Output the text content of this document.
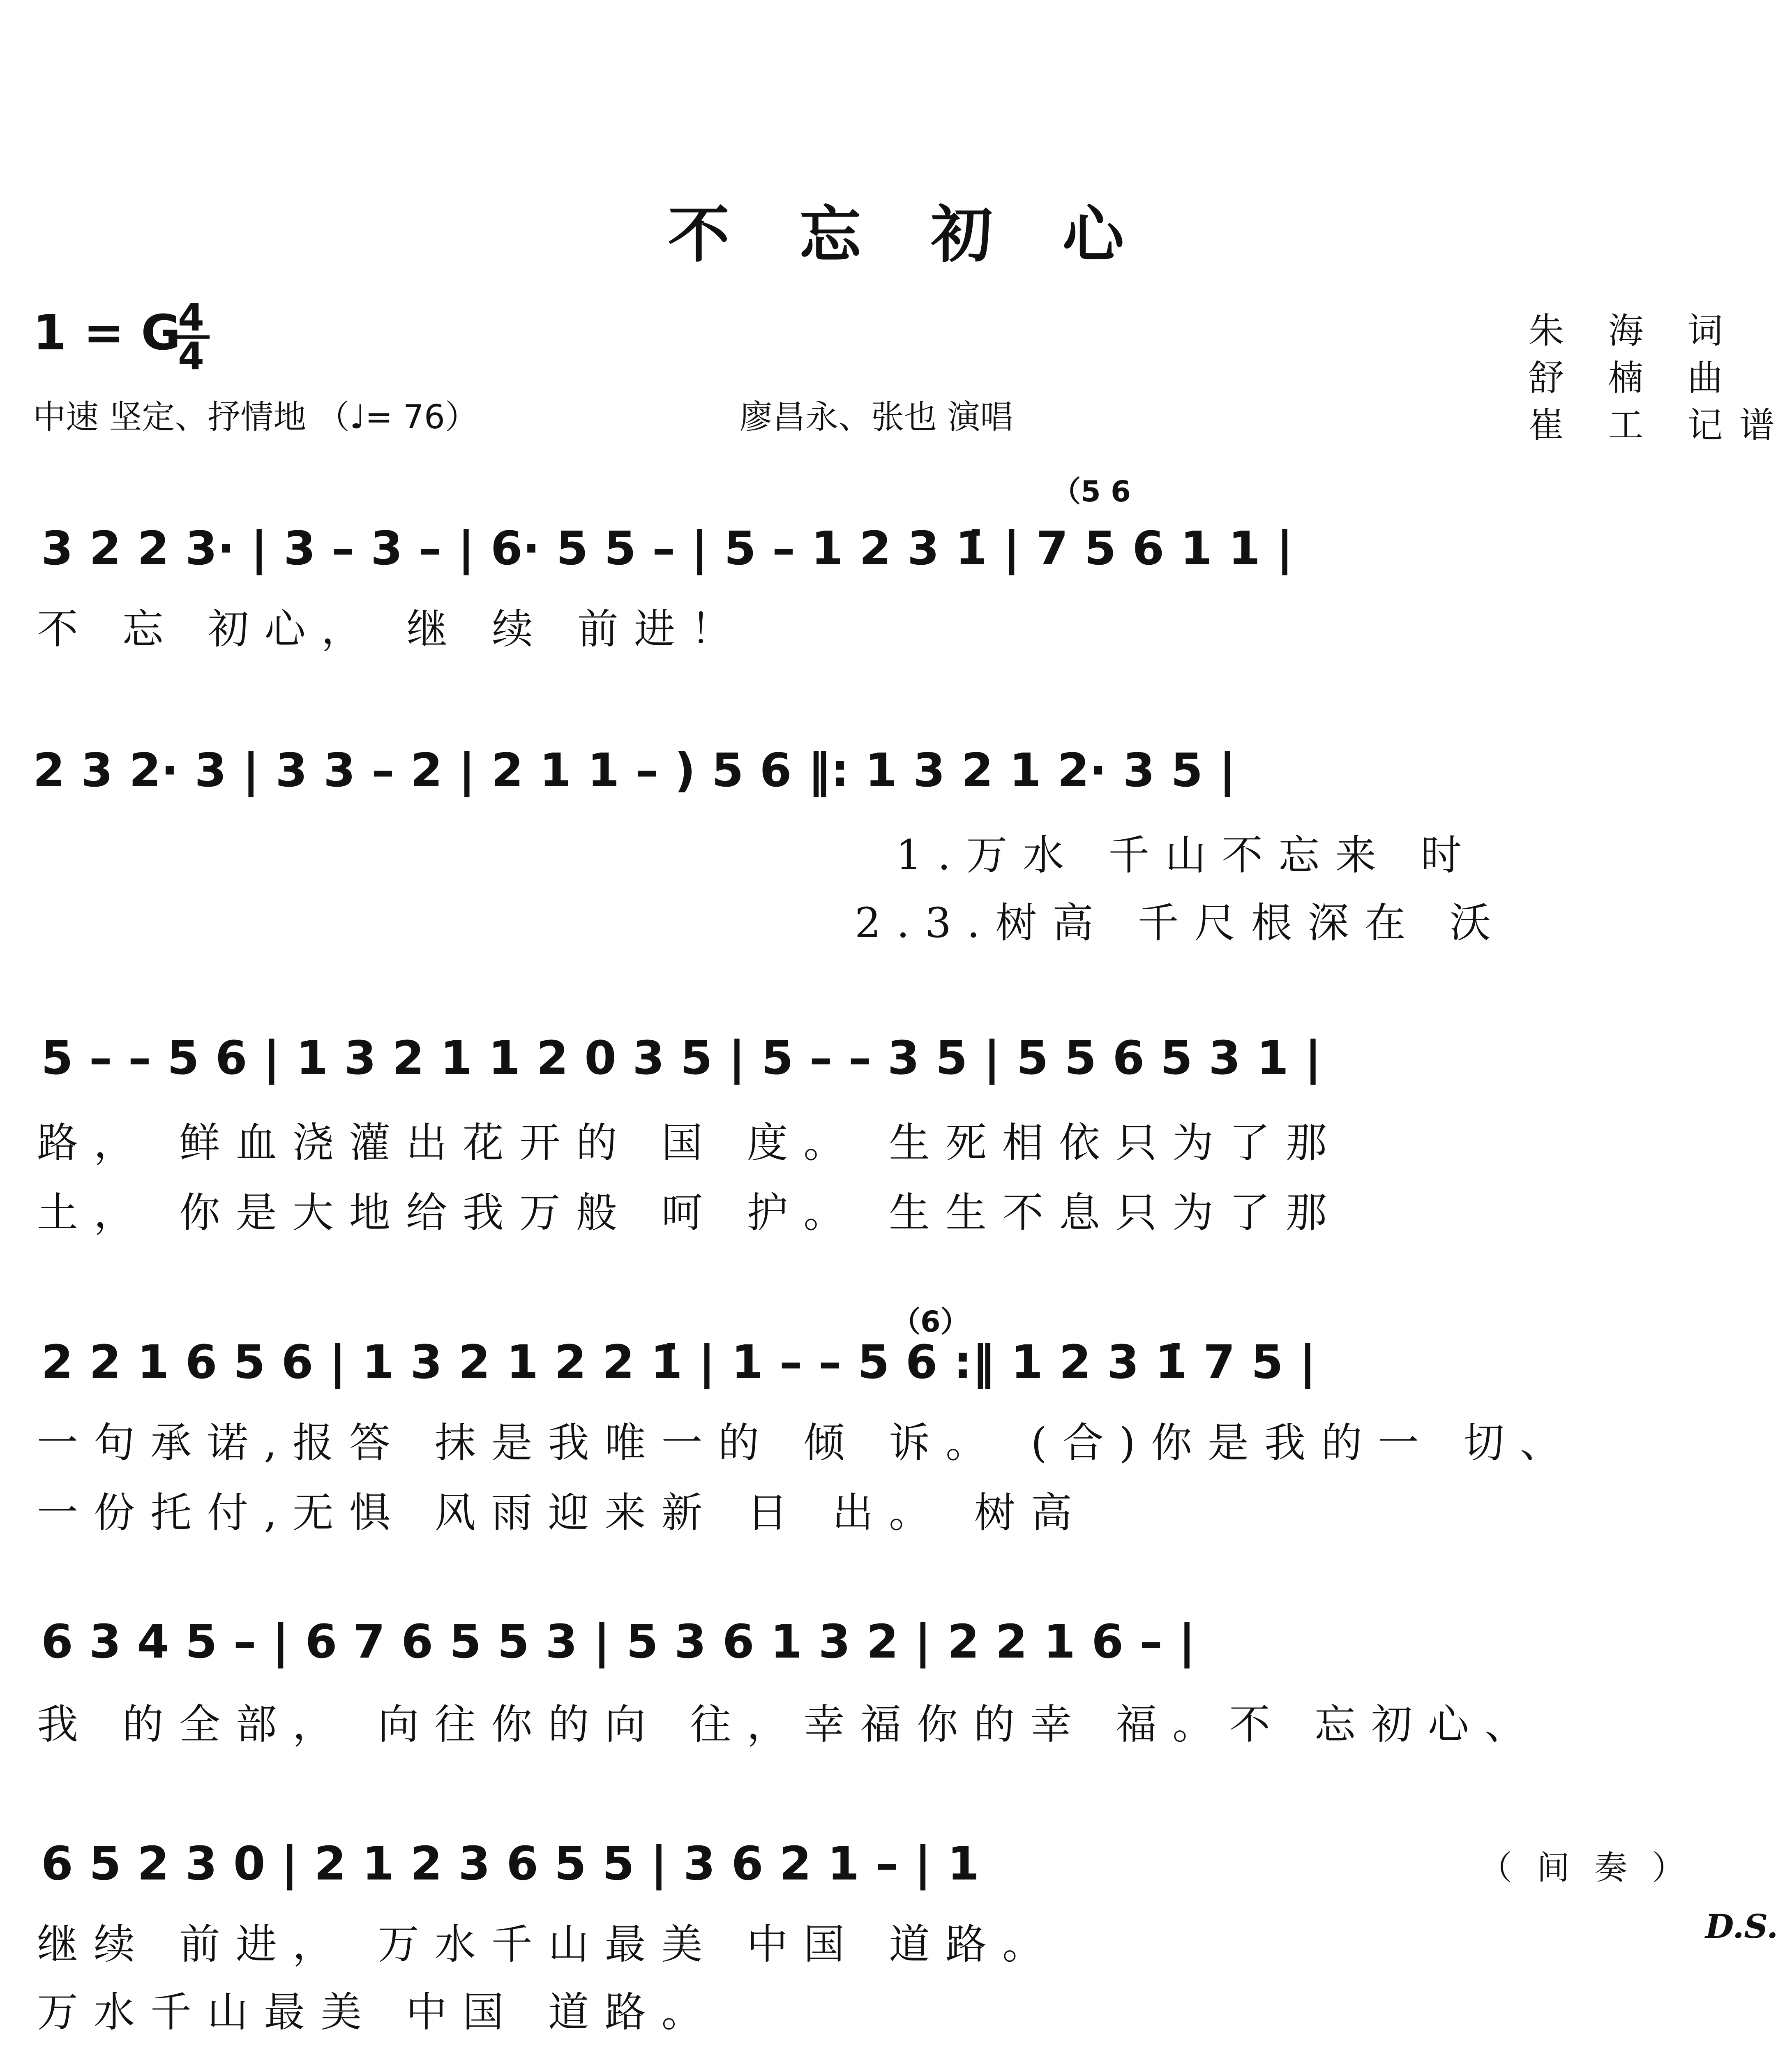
不忘初心
1 = G
4
4
中速 坚定、抒情地 （♩= 76）	廖昌永、张也 演唱
朱 海 词
舒 楠 曲
崔 工 记谱
（5 6
3 2 2 3· | 3 – 3 – | 6· 5 5 – | 5 – 1 2 3 1̇ | 7 5 6 1 1 |
不 忘 初心， 继 续 前进！
2 3 2· 3 | 3 3 – 2 | 2 1 1 – ) 5 6 ‖: 1 3 2 1 2· 3 5 |
1.万水 千山不忘来 时
2.3.树高 千尺根深在 沃
5 – – 5 6 | 1 3 2 1 1 2 0 3 5 | 5 – – 3 5 | 5 5 6 5 3 1 |
路， 鲜血浇灌出花开的 国 度。 生死相依只为了那
土， 你是大地给我万般 呵 护。 生生不息只为了那
（6）
2 2 1 6 5 6 | 1 3 2 1 2 2 1̇ | 1 – – 5 6 :‖ 1 2 3 1̇ 7 5 |
一句承诺,报答 抹是我唯一的 倾 诉。 (合)你是我的一 切、
一份托付,无惧 风雨迎来新 日 出。 树高
6 3 4 5 – | 6 7 6 5 5 3 | 5 3 6 1 3 2 | 2 2 1 6 – |
我 的全部， 向往你的向 往，幸福你的幸 福。不 忘初心、
6 5 2 3 0 | 2 1 2 3 6 5 5 | 3 6 2 1 – | 1	（间奏）
D.S.
继续 前进， 万水千山最美 中国 道路。
万水千山最美 中国 道路。
